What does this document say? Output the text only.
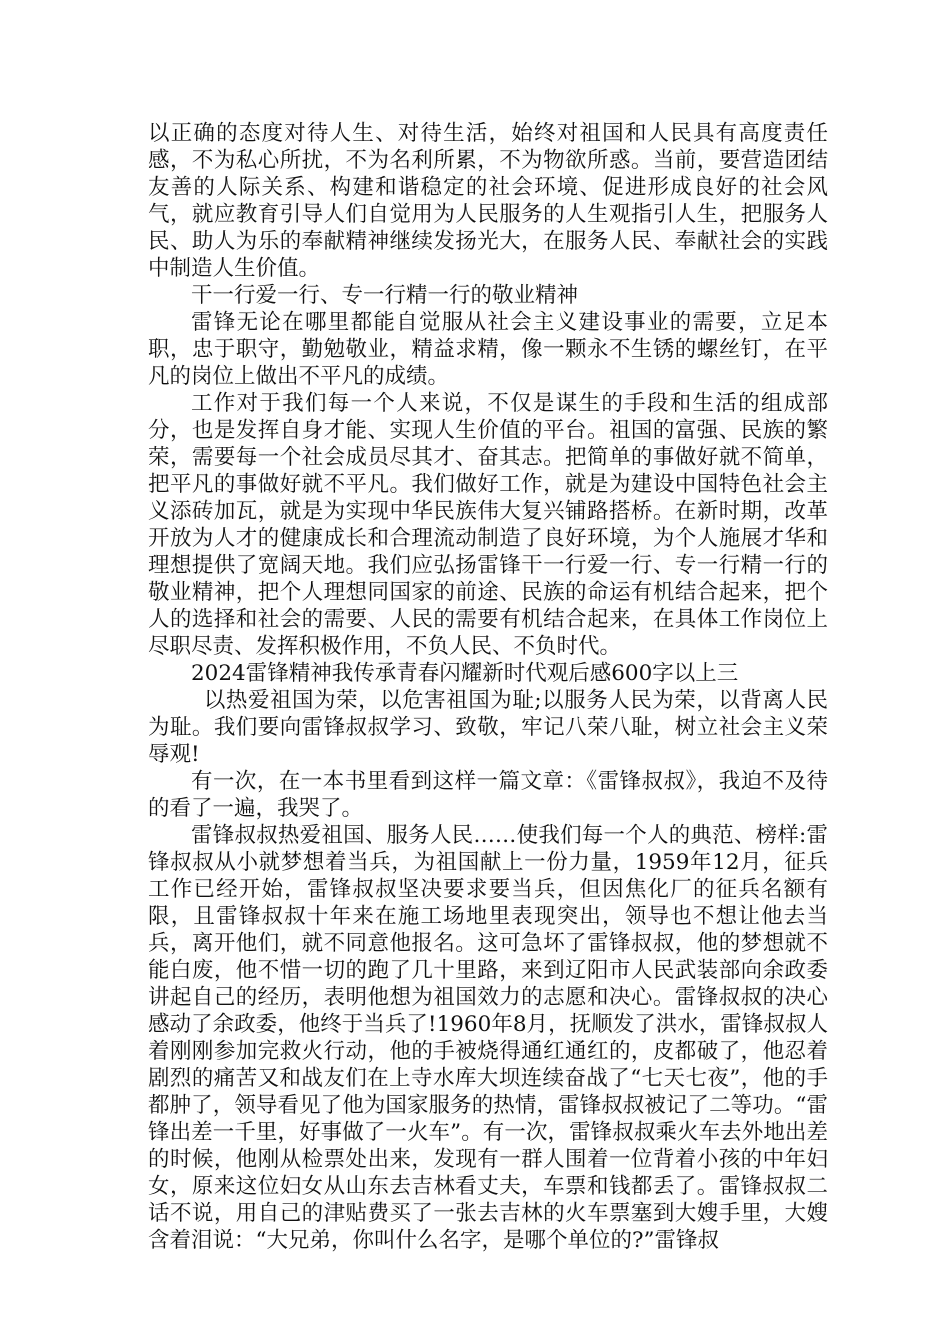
以正确的态度对待人生、对待生活，始终对祖国和人民具有高度责任感，不为私心所扰，不为名利所累，不为物欲所惑。当前，要营造团结友善的人际关系、构建和谐稳定的社会环境、促进形成良好的社会风气，就应教育引导人们自觉用为人民服务的人生观指引人生，把服务人民、助人为乐的奉献精神继续发扬光大，在服务人民、奉献社会的实践中制造人生价值。

干一行爱一行、专一行精一行的敬业精神

雷锋无论在哪里都能自觉服从社会主义建设事业的需要，立足本职，忠于职守，勤勉敬业，精益求精，像一颗永不生锈的螺丝钉，在平凡的岗位上做出不平凡的成绩。

工作对于我们每一个人来说，不仅是谋生的手段和生活的组成部分，也是发挥自身才能、实现人生价值的平台。祖国的富强、民族的繁荣，需要每一个社会成员尽其才、奋其志。把简单的事做好就不简单，把平凡的事做好就不平凡。我们做好工作，就是为建设中国特色社会主义添砖加瓦，就是为实现中华民族伟大复兴铺路搭桥。在新时期，改革开放为人才的健康成长和合理流动制造了良好环境，为个人施展才华和理想提供了宽阔天地。我们应弘扬雷锋干一行爱一行、专一行精一行的敬业精神，把个人理想同国家的前途、民族的命运有机结合起来，把个人的选择和社会的需要、人民的需要有机结合起来，在具体工作岗位上尽职尽责、发挥积极作用，不负人民、不负时代。

2024雷锋精神我传承青春闪耀新时代观后感600字以上三

以热爱祖国为荣，以危害祖国为耻;以服务人民为荣，以背离人民为耻。我们要向雷锋叔叔学习、致敬，牢记八荣八耻，树立社会主义荣辱观!

有一次，在一本书里看到这样一篇文章：《雷锋叔叔》，我迫不及待的看了一遍，我哭了。

雷锋叔叔热爱祖国、服务人民……使我们每一个人的典范、榜样:雷锋叔叔从小就梦想着当兵，为祖国献上一份力量，1959年12月，征兵工作已经开始，雷锋叔叔坚决要求要当兵，但因焦化厂的征兵名额有限，且雷锋叔叔十年来在施工场地里表现突出，领导也不想让他去当兵，离开他们，就不同意他报名。这可急坏了雷锋叔叔，他的梦想就不能白废，他不惜一切的跑了几十里路，来到辽阳市人民武装部向余政委讲起自己的经历，表明他想为祖国效力的志愿和决心。雷锋叔叔的决心感动了余政委，他终于当兵了!1960年8月，抚顺发了洪水，雷锋叔叔人着刚刚参加完救火行动，他的手被烧得通红通红的，皮都破了，他忍着剧烈的痛苦又和战友们在上寺水库大坝连续奋战了“七天七夜”，他的手都肿了，领导看见了他为国家服务的热情，雷锋叔叔被记了二等功。“雷锋出差一千里，好事做了一火车”。有一次，雷锋叔叔乘火车去外地出差的时候，他刚从检票处出来，发现有一群人围着一位背着小孩的中年妇女，原来这位妇女从山东去吉林看丈夫，车票和钱都丢了。雷锋叔叔二话不说，用自己的津贴费买了一张去吉林的火车票塞到大嫂手里，大嫂含着泪说：“大兄弟，你叫什么名字，是哪个单位的?”雷锋叔
